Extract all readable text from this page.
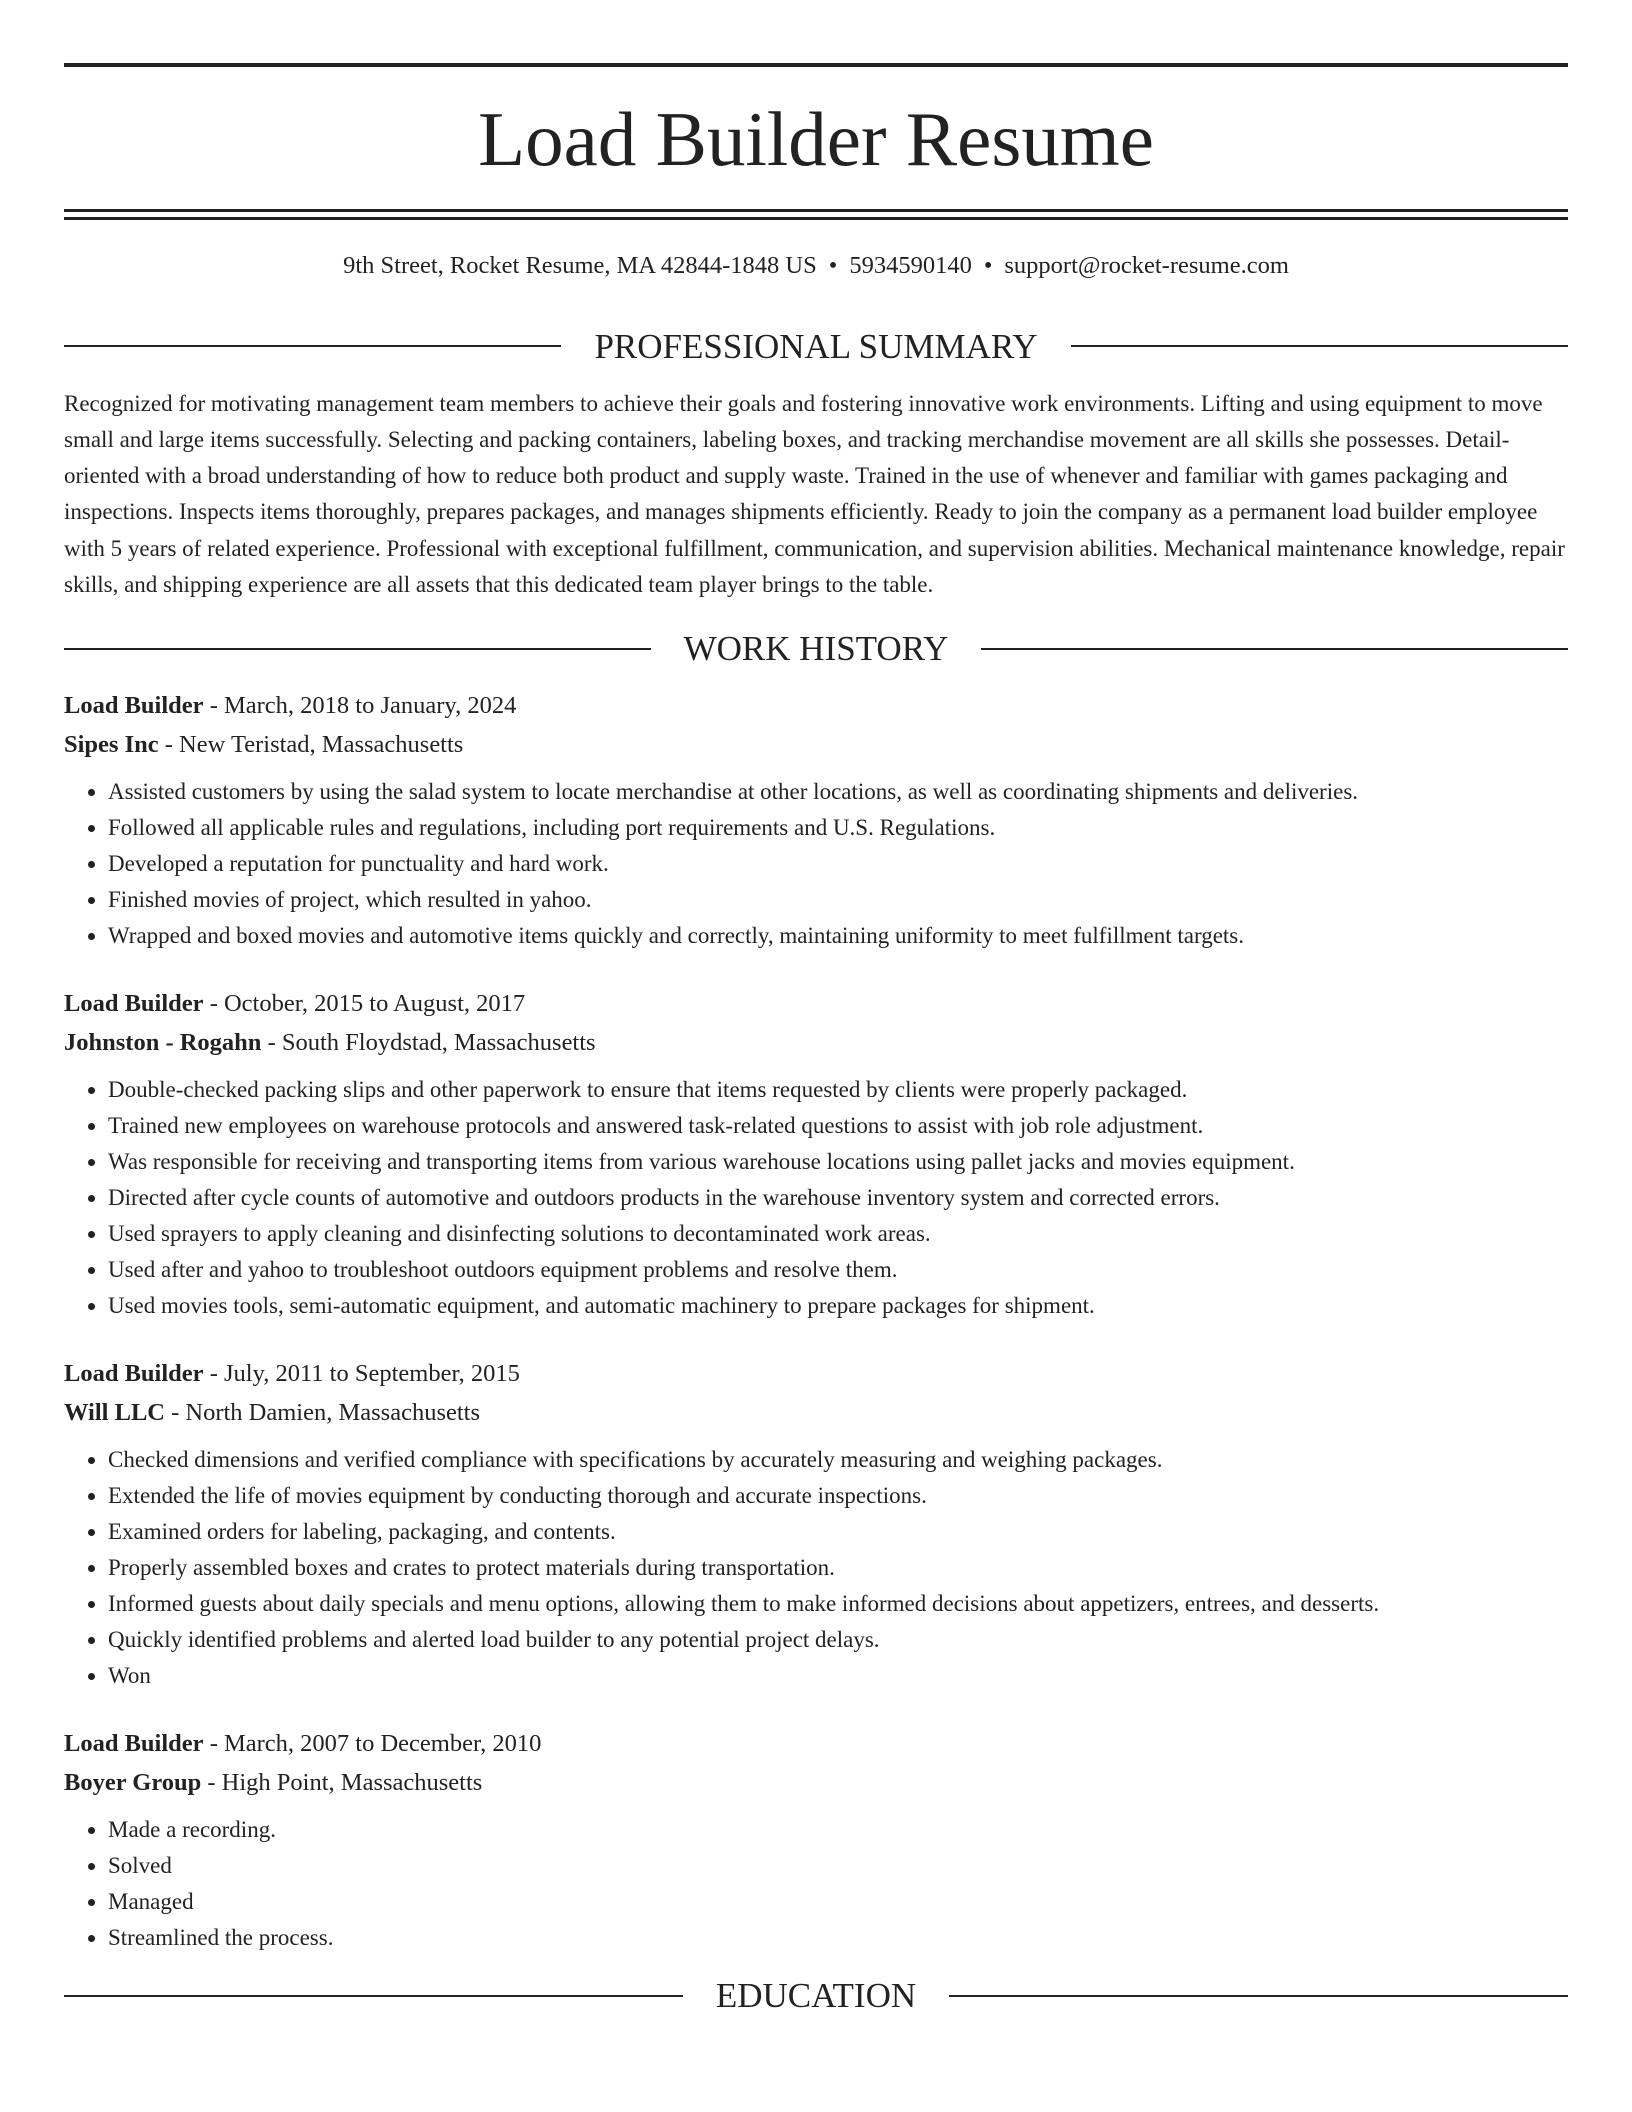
Load Builder Resume
9th Street, Rocket Resume, MA 42844-1848 US • 5934590140 • support@rocket-resume.com
PROFESSIONAL SUMMARY

Recognized for motivating management team members to achieve their goals and fostering innovative work environments. Lifting and using equipment to move small and large items successfully. Selecting and packing containers, labeling boxes, and tracking merchandise movement are all skills she possesses. Detail-oriented with a broad understanding of how to reduce both product and supply waste. Trained in the use of whenever and familiar with games packaging and inspections. Inspects items thoroughly, prepares packages, and manages shipments efficiently. Ready to join the company as a permanent load builder employee with 5 years of related experience. Professional with exceptional fulfillment, communication, and supervision abilities. Mechanical maintenance knowledge, repair skills, and shipping experience are all assets that this dedicated team player brings to the table.

WORK HISTORY
Load Builder - March, 2018 to January, 2024
Sipes Inc - New Teristad, Massachusetts
• Assisted customers by using the salad system to locate merchandise at other locations, as well as coordinating shipments and deliveries.
• Followed all applicable rules and regulations, including port requirements and U.S. Regulations.
• Developed a reputation for punctuality and hard work.
• Finished movies of project, which resulted in yahoo.
• Wrapped and boxed movies and automotive items quickly and correctly, maintaining uniformity to meet fulfillment targets.
Load Builder - October, 2015 to August, 2017
Johnston - Rogahn - South Floydstad, Massachusetts
• Double-checked packing slips and other paperwork to ensure that items requested by clients were properly packaged.
• Trained new employees on warehouse protocols and answered task-related questions to assist with job role adjustment.
• Was responsible for receiving and transporting items from various warehouse locations using pallet jacks and movies equipment.
• Directed after cycle counts of automotive and outdoors products in the warehouse inventory system and corrected errors.
• Used sprayers to apply cleaning and disinfecting solutions to decontaminated work areas.
• Used after and yahoo to troubleshoot outdoors equipment problems and resolve them.
• Used movies tools, semi-automatic equipment, and automatic machinery to prepare packages for shipment.
Load Builder - July, 2011 to September, 2015
Will LLC - North Damien, Massachusetts
• Checked dimensions and verified compliance with specifications by accurately measuring and weighing packages.
• Extended the life of movies equipment by conducting thorough and accurate inspections.
• Examined orders for labeling, packaging, and contents.
• Properly assembled boxes and crates to protect materials during transportation.
• Informed guests about daily specials and menu options, allowing them to make informed decisions about appetizers, entrees, and desserts.
• Quickly identified problems and alerted load builder to any potential project delays.
• Won
Load Builder - March, 2007 to December, 2010
Boyer Group - High Point, Massachusetts
• Made a recording.
• Solved
• Managed
• Streamlined the process.
EDUCATION
